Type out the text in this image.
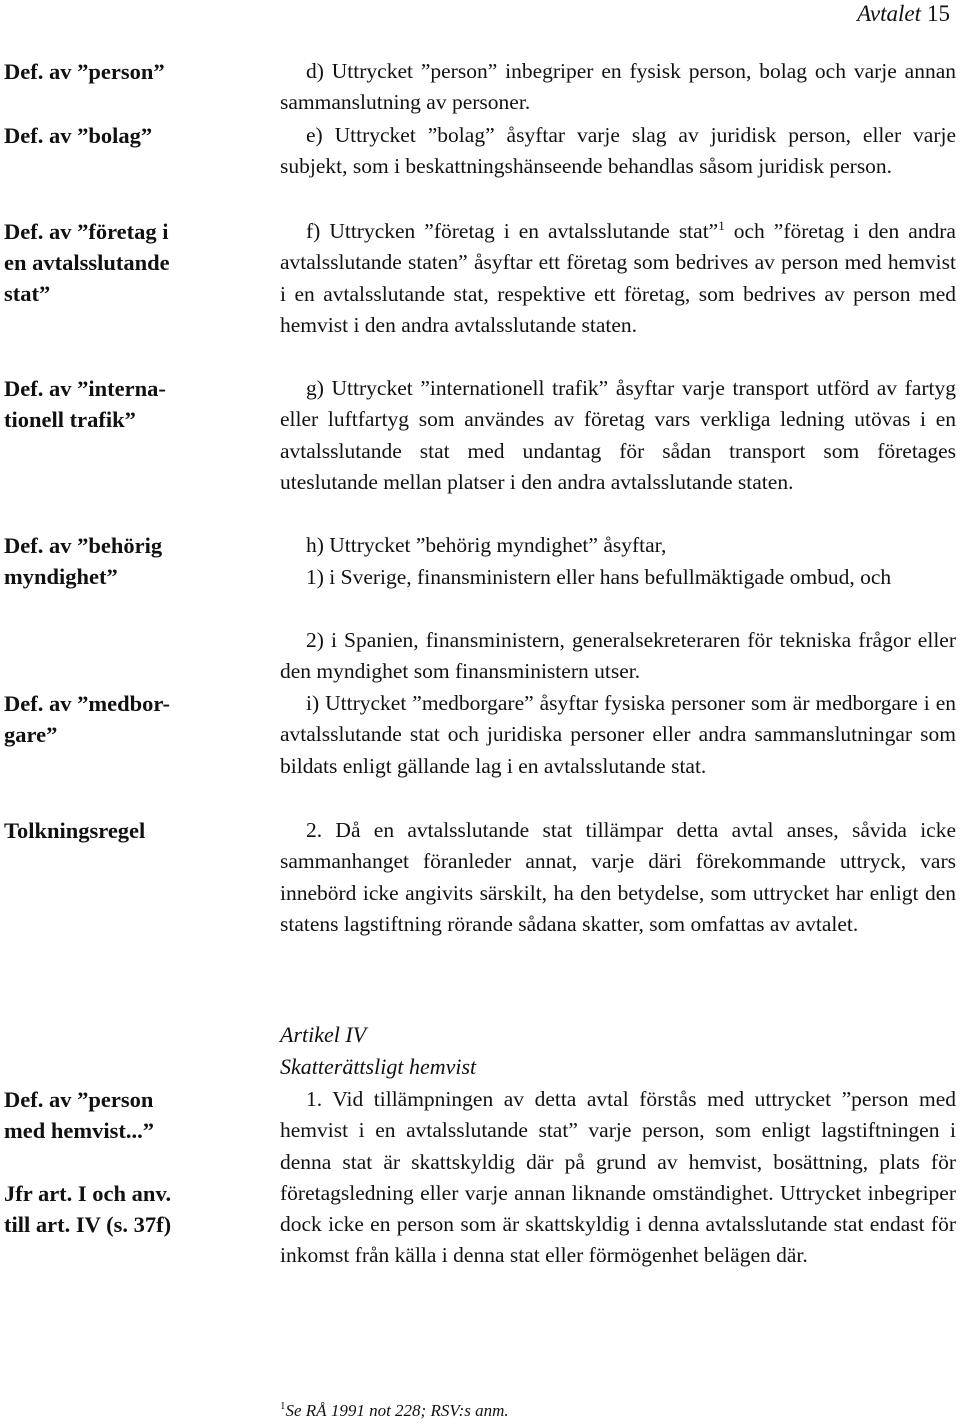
Avtalet 15
Def. av ”person”
Def. av ”bolag”
Def. av ”företag i
en avtalsslutande
stat”
Def. av ”interna-
tionell trafik”
Def. av ”behörig
myndighet”
Def. av ”medbor-
gare”
Tolkningsregel
Def. av ”person
med hemvist...”
Jfr art. I och anv.
till art. IV (s. 37f)

d) Uttrycket ”person” inbegriper en fysisk person, bolag och varje annan sammanslutning av personer.

e) Uttrycket ”bolag” åsyftar varje slag av juridisk person, eller varje subjekt, som i beskattningshänseende behandlas såsom juridisk person.

f) Uttrycken ”företag i en avtalsslutande stat”$^1$ och ”företag i den andra avtalsslutande staten” åsyftar ett företag som bedrives av person med hemvist i en avtalsslutande stat, respektive ett företag, som bedrives av person med hemvist i den andra avtalsslutande staten.

g) Uttrycket ”internationell trafik” åsyftar varje transport utförd av fartyg eller luftfartyg som användes av företag vars verkliga ledning utövas i en avtalsslutande stat med undantag för sådan transport som företages uteslutande mellan platser i den andra avtalsslutande staten.

h) Uttrycket ”behörig myndighet” åsyftar,

1) i Sverige, finansministern eller hans befullmäktigade ombud, och

2) i Spanien, finansministern, generalsekreteraren för tekniska frågor eller den myndighet som finansministern utser.

i) Uttrycket ”medborgare” åsyftar fysiska personer som är medborgare i en avtalsslutande stat och juridiska personer eller andra sammanslutningar som bildats enligt gällande lag i en avtalsslutande stat.

2. Då en avtalsslutande stat tillämpar detta avtal anses, såvida icke sammanhanget föranleder annat, varje däri förekommande uttryck, vars innebörd icke angivits särskilt, ha den betydelse, som uttrycket har enligt den statens lagstiftning rörande sådana skatter, som omfattas av avtalet.

Artikel IV
Skatterättsligt hemvist

1. Vid tillämpningen av detta avtal förstås med uttrycket ”person med hemvist i en avtalsslutande stat” varje person, som enligt lagstiftningen i denna stat är skattskyldig där på grund av hemvist, bosättning, plats för företagsledning eller varje annan liknande omständighet. Uttrycket inbegriper dock icke en person som är skattskyldig i denna avtalsslutande stat endast för inkomst från källa i denna stat eller förmögenhet belägen där.

$^1$Se RÅ 1991 not 228; RSV:s anm.
